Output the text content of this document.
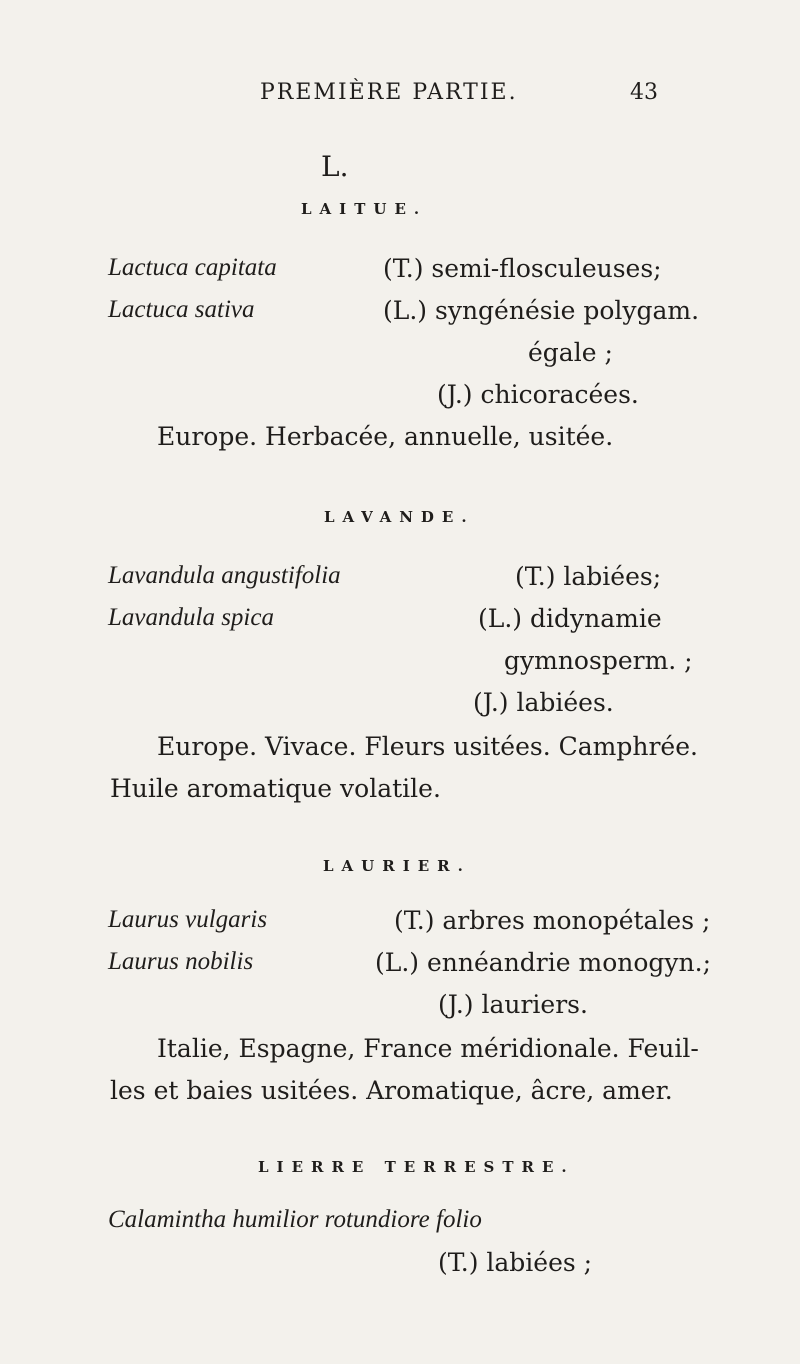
PREMIÈRE PARTIE.	43
L.
LAITUE.
Lactuca capitata	(T.) semi-flosculeuses;
Lactuca sativa	(L.) syngénésie polygam.
égale ;
(J.) chicoracées.
Europe. Herbacée, annuelle, usitée.
LAVANDE.
Lavandula angustifolia	(T.) labiées;
Lavandula spica	(L.) didynamie
gymnosperm. ;
(J.) labiées.
Europe. Vivace. Fleurs usitées. Camphrée.
Huile aromatique volatile.
LAURIER.
Laurus vulgaris	(T.) arbres monopétales ;
Laurus nobilis	(L.) ennéandrie monogyn.;
(J.) lauriers.
Italie, Espagne, France méridionale. Feuil-
les et baies usitées. Aromatique, âcre, amer.
LIERRE TERRESTRE.
Calamintha humilior rotundiore folio
(T.) labiées ;
